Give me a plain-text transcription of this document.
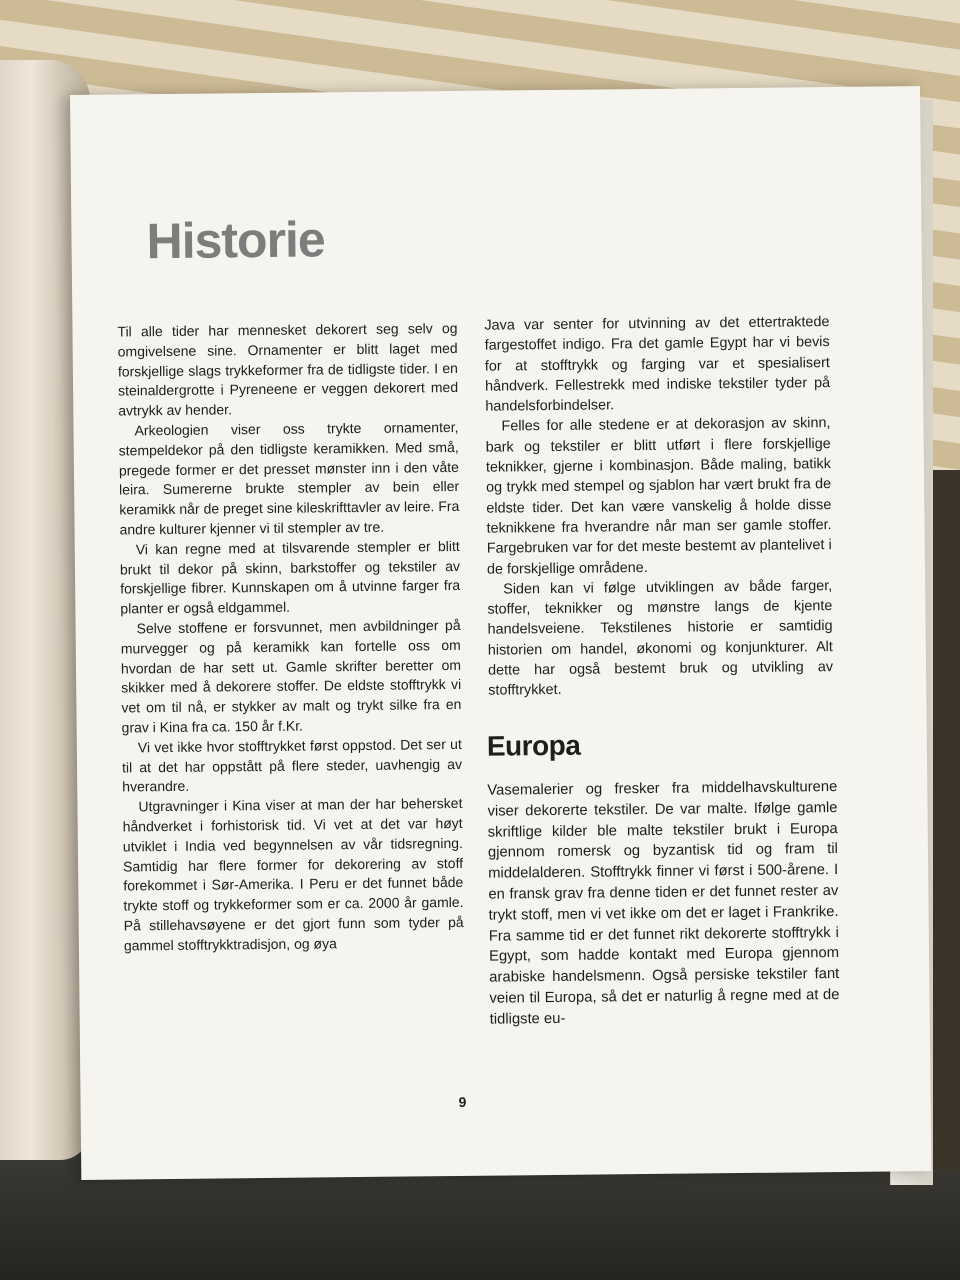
Historie

Til alle tider har mennesket dekorert seg selv og omgivelsene sine. Ornamenter er blitt laget med forskjellige slags trykkeformer fra de tidligste tider. I en steinaldergrotte i Pyreneene er veggen dekorert med avtrykk av hender.

Arkeologien viser oss trykte ornamenter, stempeldekor på den tidligste keramikken. Med små, pregede former er det presset mønster inn i den våte leira. Sumererne brukte stempler av bein eller keramikk når de preget sine kileskrifttavler av leire. Fra andre kulturer kjenner vi til stempler av tre.

Vi kan regne med at tilsvarende stempler er blitt brukt til dekor på skinn, barkstoffer og tekstiler av forskjellige fibrer. Kunnskapen om å utvinne farger fra planter er også eldgammel.

Selve stoffene er forsvunnet, men avbildninger på murvegger og på keramikk kan fortelle oss om hvordan de har sett ut. Gamle skrifter beretter om skikker med å dekorere stoffer. De eldste stofftrykk vi vet om til nå, er stykker av malt og trykt silke fra en grav i Kina fra ca. 150 år f.Kr.

Vi vet ikke hvor stofftrykket først oppstod. Det ser ut til at det har oppstått på flere steder, uavhengig av hverandre.

Utgravninger i Kina viser at man der har behersket håndverket i forhistorisk tid. Vi vet at det var høyt utviklet i India ved begynnelsen av vår tidsregning. Samtidig har flere former for dekorering av stoff forekommet i Sør-Amerika. I Peru er det funnet både trykte stoff og trykkeformer som er ca. 2000 år gamle. På stillehavsøyene er det gjort funn som tyder på gammel stofftrykktradisjon, og øya

Java var senter for utvinning av det ettertraktede fargestoffet indigo. Fra det gamle Egypt har vi bevis for at stofftrykk og farging var et spesialisert håndverk. Fellestrekk med indiske tekstiler tyder på handelsforbindelser.

Felles for alle stedene er at dekorasjon av skinn, bark og tekstiler er blitt utført i flere forskjellige teknikker, gjerne i kombinasjon. Både maling, batikk og trykk med stempel og sjablon har vært brukt fra de eldste tider. Det kan være vanskelig å holde disse teknikkene fra hverandre når man ser gamle stoffer. Fargebruken var for det meste bestemt av plantelivet i de forskjellige områdene.

Siden kan vi følge utviklingen av både farger, stoffer, teknikker og mønstre langs de kjente handelsveiene. Tekstilenes historie er samtidig historien om handel, økonomi og konjunkturer. Alt dette har også bestemt bruk og utvikling av stofftrykket.

Europa

Vasemalerier og fresker fra middelhavskulturene viser dekorerte tekstiler. De var malte. Ifølge gamle skriftlige kilder ble malte tekstiler brukt i Europa gjennom romersk og byzantisk tid og fram til middelalderen. Stofftrykk finner vi først i 500-årene. I en fransk grav fra denne tiden er det funnet rester av trykt stoff, men vi vet ikke om det er laget i Frankrike. Fra samme tid er det funnet rikt dekorerte stofftrykk i Egypt, som hadde kontakt med Europa gjennom arabiske handelsmenn. Også persiske tekstiler fant veien til Europa, så det er naturlig å regne med at de tidligste eu-

9
